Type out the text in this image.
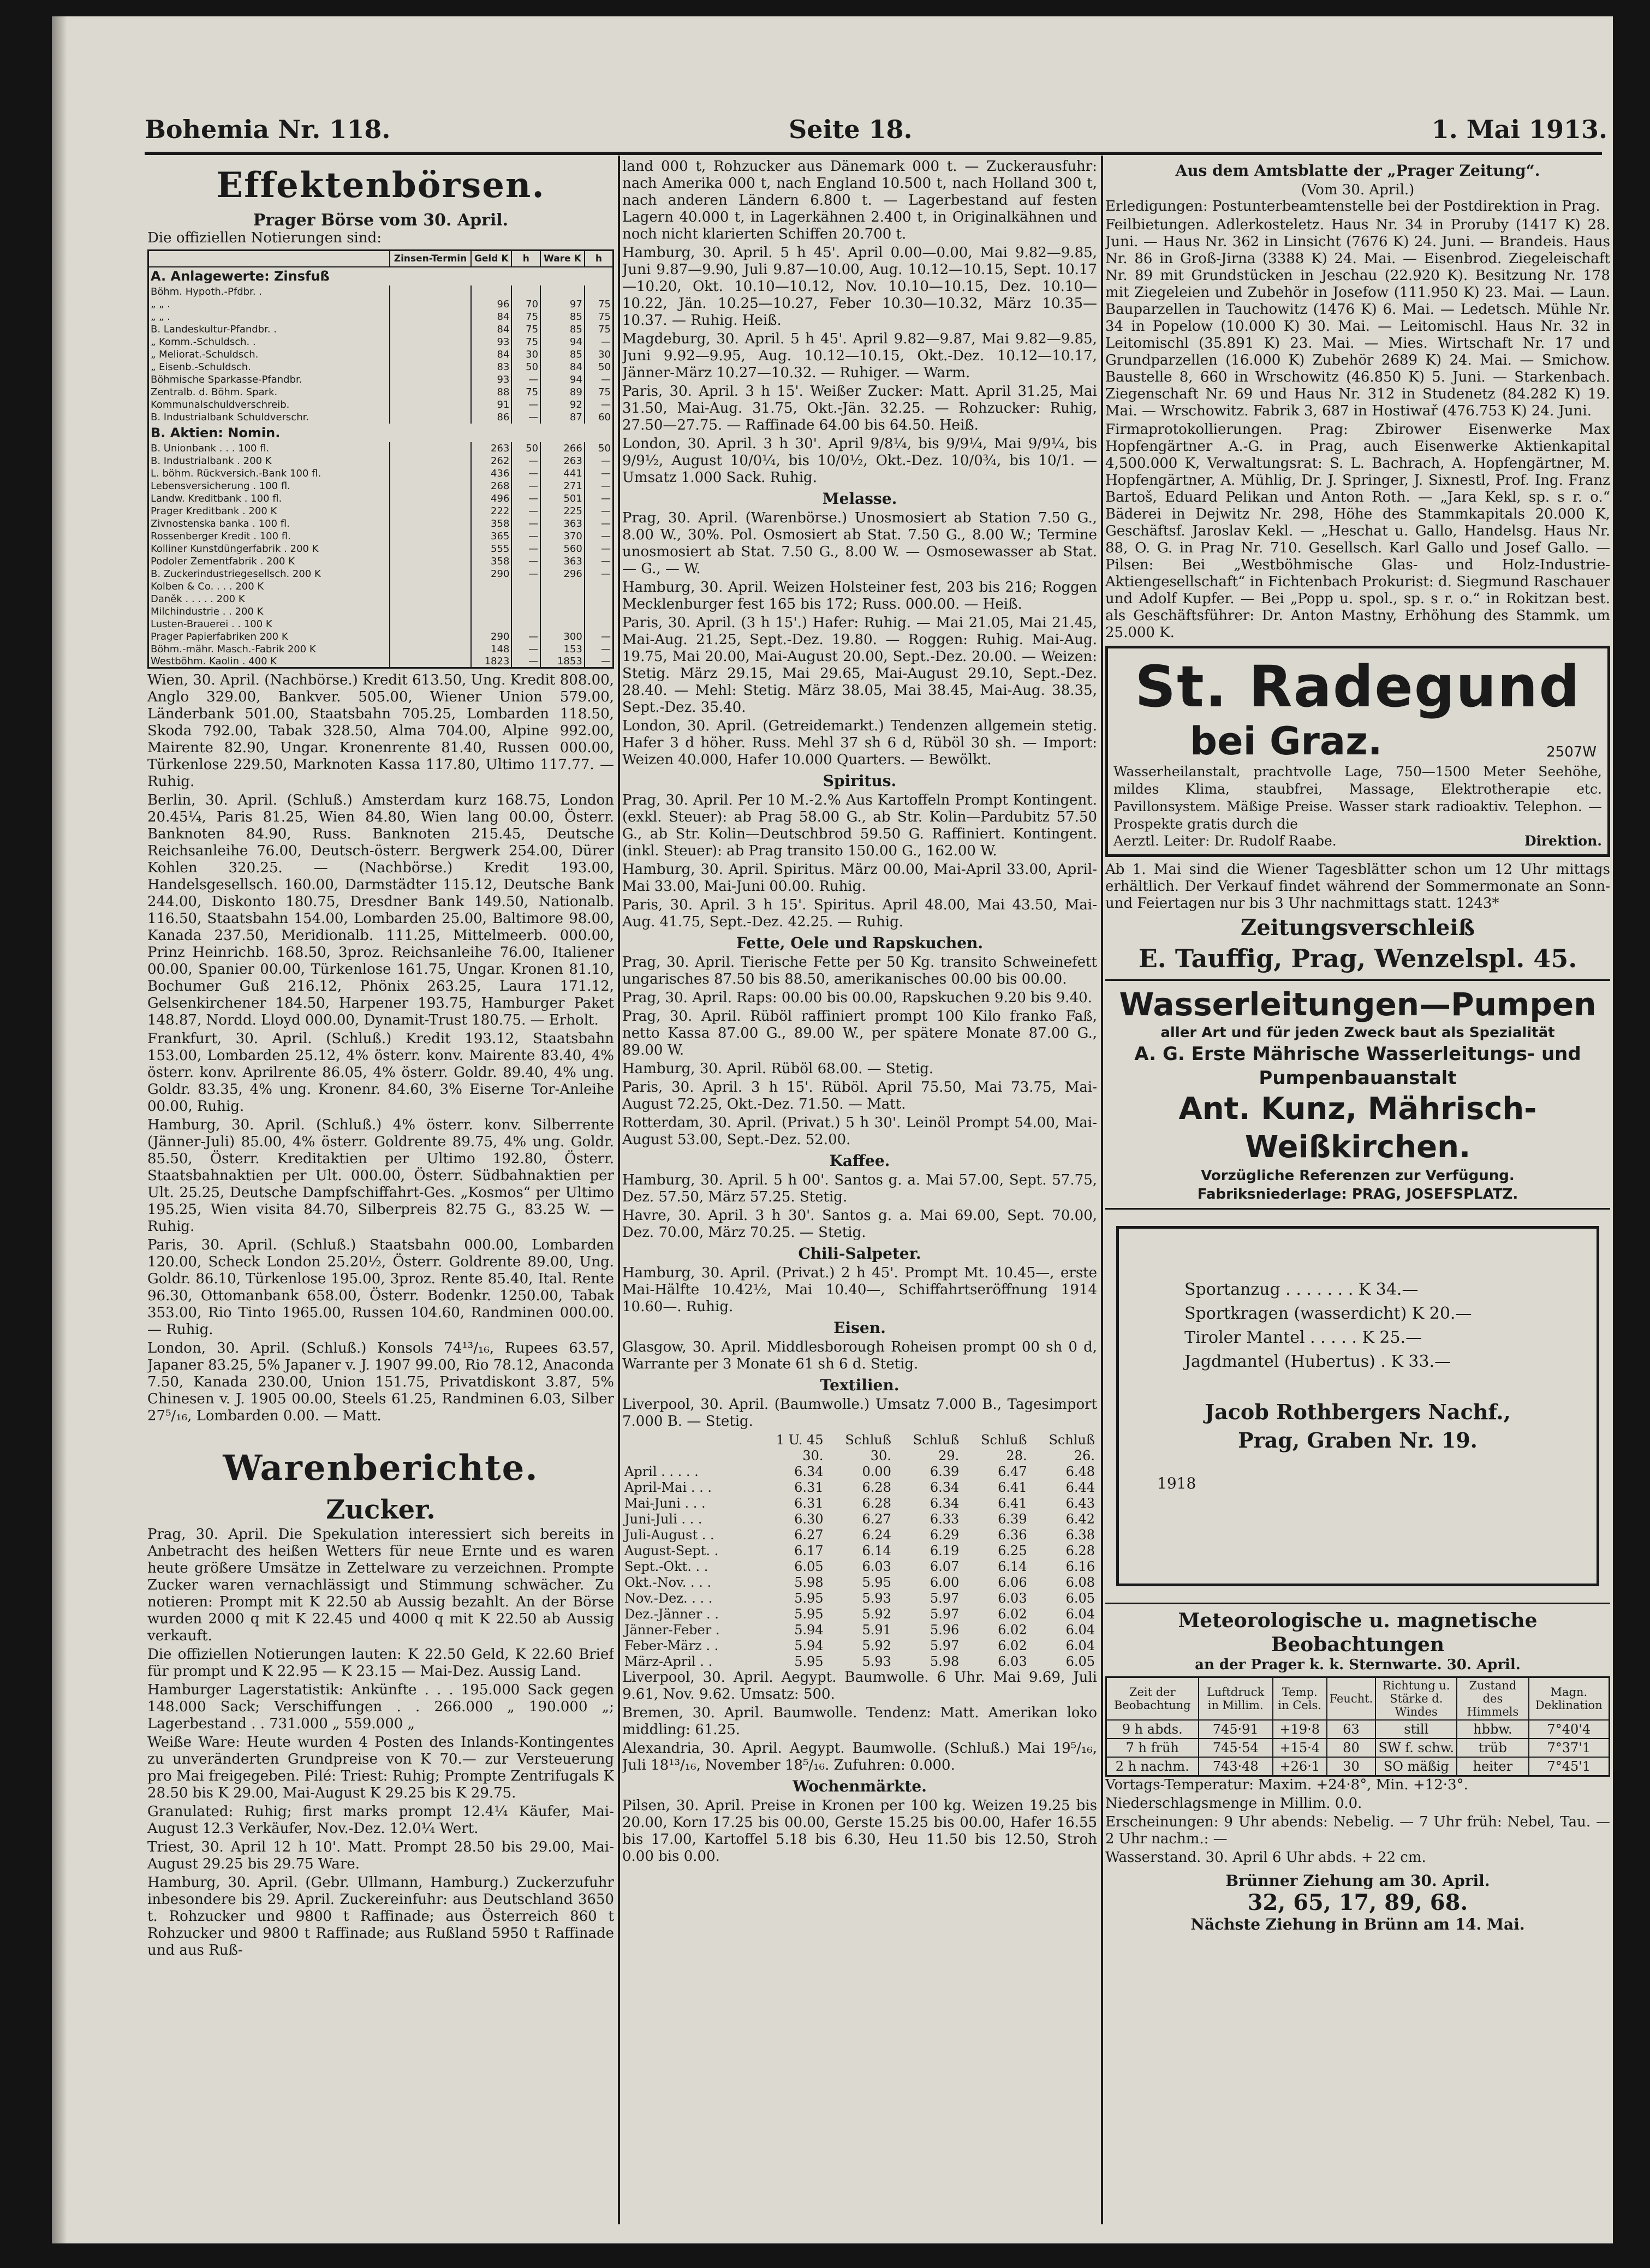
Bohemia Nr. 118.	Seite 18.	1. Mai 1913.
Effektenbörsen.
Prager Börse vom 30. April.
Die offiziellen Notierungen sind:
	Zinsen-Termin	Geld K	h	Ware K	h
A. Anlagewerte: Zinsfuß					
Böhm. Hypoth.-Pfdbr. .					
„ „ .		96	70	97	75
„ „ .		84	75	85	75
B. Landeskultur-Pfandbr. .		84	75	85	75
„ Komm.-Schuldsch. .		93	75	94	—
„ Meliorat.-Schuldsch.		84	30	85	30
„ Eisenb.-Schuldsch.		83	50	84	50
Böhmische Sparkasse-Pfandbr.		93	—	94	—
Zentralb. d. Böhm. Spark.		88	75	89	75
Kommunalschuldverschreib.		91	—	92	—
B. Industrialbank Schuldverschr.		86	—	87	60
B. Aktien: Nomin.					
B. Unionbank . . . 100 fl.		263	50	266	50
B. Industrialbank . 200 K		262	—	263	—
L. böhm. Rückversich.-Bank 100 fl.		436	—	441	—
Lebensversicherung . 100 fl.		268	—	271	—
Landw. Kreditbank . 100 fl.		496	—	501	—
Prager Kreditbank . 200 K		222	—	225	—
Zivnostenska banka . 100 fl.		358	—	363	—
Rossenberger Kredit . 100 fl.		365	—	370	—
Kolliner Kunstdüngerfabrik . 200 K		555	—	560	—
Podoler Zementfabrik . 200 K		358	—	363	—
B. Zuckerindustriegesellsch. 200 K		290	—	296	—
Kolben & Co. . . . 200 K					
Daněk . . . . . 200 K					
Milchindustrie . . 200 K					
Lusten-Brauerei . . 100 K					
Prager Papierfabriken 200 K		290	—	300	—
Böhm.-mähr. Masch.-Fabrik 200 K		148	—	153	—
Westböhm. Kaolin . 400 K		1823	—	1853	—
Wien, 30. April. (Nachbörse.) Kredit 613.50, Ung. Kredit 808.00, Anglo 329.00, Bankver. 505.00, Wiener Union 579.00, Länderbank 501.00, Staatsbahn 705.25, Lombarden 118.50, Skoda 792.00, Tabak 328.50, Alma 704.00, Alpine 992.00, Mairente 82.90, Ungar. Kronenrente 81.40, Russen 000.00, Türkenlose 229.50, Marknoten Kassa 117.80, Ultimo 117.77. — Ruhig.
Berlin, 30. April. (Schluß.) Amsterdam kurz 168.75, London 20.45¼, Paris 81.25, Wien 84.80, Wien lang 00.00, Österr. Banknoten 84.90, Russ. Banknoten 215.45, Deutsche Reichsanleihe 76.00, Deutsch-österr. Bergwerk 254.00, Dürer Kohlen 320.25. — (Nachbörse.) Kredit 193.00, Handelsgesellsch. 160.00, Darmstädter 115.12, Deutsche Bank 244.00, Diskonto 180.75, Dresdner Bank 149.50, Nationalb. 116.50, Staatsbahn 154.00, Lombarden 25.00, Baltimore 98.00, Kanada 237.50, Meridionalb. 111.25, Mittelmeerb. 000.00, Prinz Heinrichb. 168.50, 3proz. Reichsanleihe 76.00, Italiener 00.00, Spanier 00.00, Türkenlose 161.75, Ungar. Kronen 81.10, Bochumer Guß 216.12, Phönix 263.25, Laura 171.12, Gelsenkirchener 184.50, Harpener 193.75, Hamburger Paket 148.87, Nordd. Lloyd 000.00, Dynamit-Trust 180.75. — Erholt.
Frankfurt, 30. April. (Schluß.) Kredit 193.12, Staatsbahn 153.00, Lombarden 25.12, 4% österr. konv. Mairente 83.40, 4% österr. konv. Aprilrente 86.05, 4% österr. Goldr. 89.40, 4% ung. Goldr. 83.35, 4% ung. Kronenr. 84.60, 3% Eiserne Tor-Anleihe 00.00, Ruhig.
Hamburg, 30. April. (Schluß.) 4% österr. konv. Silberrente (Jänner-Juli) 85.00, 4% österr. Goldrente 89.75, 4% ung. Goldr. 85.50, Österr. Kreditaktien per Ultimo 192.80, Österr. Staatsbahnaktien per Ult. 000.00, Österr. Südbahnaktien per Ult. 25.25, Deutsche Dampfschiffahrt-Ges. „Kosmos“ per Ultimo 195.25, Wien visita 84.70, Silberpreis 82.75 G., 83.25 W. — Ruhig.
Paris, 30. April. (Schluß.) Staatsbahn 000.00, Lombarden 120.00, Scheck London 25.20½, Österr. Goldrente 89.00, Ung. Goldr. 86.10, Türkenlose 195.00, 3proz. Rente 85.40, Ital. Rente 96.30, Ottomanbank 658.00, Österr. Bodenkr. 1250.00, Tabak 353.00, Rio Tinto 1965.00, Russen 104.60, Randminen 000.00. — Ruhig.
London, 30. April. (Schluß.) Konsols 74¹³/₁₆, Rupees 63.57, Japaner 83.25, 5% Japaner v. J. 1907 99.00, Rio 78.12, Anaconda 7.50, Kanada 230.00, Union 151.75, Privatdiskont 3.87, 5% Chinesen v. J. 1905 00.00, Steels 61.25, Randminen 6.03, Silber 27⁵/₁₆, Lombarden 0.00. — Matt.
Warenberichte.
Zucker.
Prag, 30. April. Die Spekulation interessiert sich bereits in Anbetracht des heißen Wetters für neue Ernte und es waren heute größere Umsätze in Zettelware zu verzeichnen. Prompte Zucker waren vernachlässigt und Stimmung schwächer. Zu notieren: Prompt mit K 22.50 ab Aussig bezahlt. An der Börse wurden 2000 q mit K 22.45 und 4000 q mit K 22.50 ab Aussig verkauft.
Die offiziellen Notierungen lauten: K 22.50 Geld, K 22.60 Brief für prompt und K 22.95 — K 23.15 — Mai-Dez. Aussig Land.
Hamburger Lagerstatistik: Ankünfte . . . 195.000 Sack gegen 148.000 Sack; Verschiffungen . . 266.000 „ 190.000 „; Lagerbestand . . 731.000 „ 559.000 „
Weiße Ware: Heute wurden 4 Posten des Inlands-Kontingentes zu unveränderten Grundpreise von K 70.— zur Versteuerung pro Mai freigegeben. Pilé: Triest: Ruhig; Prompte Zentrifugals K 28.50 bis K 29.00, Mai-August K 29.25 bis K 29.75.
Granulated: Ruhig; first marks prompt 12.4¼ Käufer, Mai-August 12.3 Verkäufer, Nov.-Dez. 12.0¼ Wert.
Triest, 30. April 12 h 10'. Matt. Prompt 28.50 bis 29.00, Mai-August 29.25 bis 29.75 Ware.
Hamburg, 30. April. (Gebr. Ullmann, Hamburg.) Zuckerzufuhr inbesondere bis 29. April. Zuckereinfuhr: aus Deutschland 3650 t. Rohzucker und 9800 t Raffinade; aus Österreich 860 t Rohzucker und 9800 t Raffinade; aus Rußland 5950 t Raffinade und aus Ruß-
land 000 t, Rohzucker aus Dänemark 000 t. — Zuckerausfuhr: nach Amerika 000 t, nach England 10.500 t, nach Holland 300 t, nach anderen Ländern 6.800 t. — Lagerbestand auf festen Lagern 40.000 t, in Lagerkähnen 2.400 t, in Originalkähnen und noch nicht klarierten Schiffen 20.700 t.
Hamburg, 30. April. 5 h 45'. April 0.00—0.00, Mai 9.82—9.85, Juni 9.87—9.90, Juli 9.87—10.00, Aug. 10.12—10.15, Sept. 10.17—10.20, Okt. 10.10—10.12, Nov. 10.10—10.15, Dez. 10.10—10.22, Jän. 10.25—10.27, Feber 10.30—10.32, März 10.35—10.37. — Ruhig. Heiß.
Magdeburg, 30. April. 5 h 45'. April 9.82—9.87, Mai 9.82—9.85, Juni 9.92—9.95, Aug. 10.12—10.15, Okt.-Dez. 10.12—10.17, Jänner-März 10.27—10.32. — Ruhiger. — Warm.
Paris, 30. April. 3 h 15'. Weißer Zucker: Matt. April 31.25, Mai 31.50, Mai-Aug. 31.75, Okt.-Jän. 32.25. — Rohzucker: Ruhig, 27.50—27.75. — Raffinade 64.00 bis 64.50. Heiß.
London, 30. April. 3 h 30'. April 9/8¼, bis 9/9¼, Mai 9/9¼, bis 9/9½, August 10/0¼, bis 10/0½, Okt.-Dez. 10/0¾, bis 10/1. — Umsatz 1.000 Sack. Ruhig.
Melasse.
Prag, 30. April. (Warenbörse.) Unosmosiert ab Station 7.50 G., 8.00 W., 30%. Pol. Osmosiert ab Stat. 7.50 G., 8.00 W.; Termine unosmosiert ab Stat. 7.50 G., 8.00 W. — Osmosewasser ab Stat. — G., — W.
Hamburg, 30. April. Weizen Holsteiner fest, 203 bis 216; Roggen Mecklenburger fest 165 bis 172; Russ. 000.00. — Heiß.
Paris, 30. April. (3 h 15'.) Hafer: Ruhig. — Mai 21.05, Mai 21.45, Mai-Aug. 21.25, Sept.-Dez. 19.80. — Roggen: Ruhig. Mai-Aug. 19.75, Mai 20.00, Mai-August 20.00, Sept.-Dez. 20.00. — Weizen: Stetig. März 29.15, Mai 29.65, Mai-August 29.10, Sept.-Dez. 28.40. — Mehl: Stetig. März 38.05, Mai 38.45, Mai-Aug. 38.35, Sept.-Dez. 35.40.
London, 30. April. (Getreidemarkt.) Tendenzen allgemein stetig. Hafer 3 d höher. Russ. Mehl 37 sh 6 d, Rüböl 30 sh. — Import: Weizen 40.000, Hafer 10.000 Quarters. — Bewölkt.
Spiritus.
Prag, 30. April. Per 10 M.-2.% Aus Kartoffeln Prompt Kontingent. (exkl. Steuer): ab Prag 58.00 G., ab Str. Kolin—Pardubitz 57.50 G., ab Str. Kolin—Deutschbrod 59.50 G. Raffiniert. Kontingent. (inkl. Steuer): ab Prag transito 150.00 G., 162.00 W.
Hamburg, 30. April. Spiritus. März 00.00, Mai-April 33.00, April-Mai 33.00, Mai-Juni 00.00. Ruhig.
Paris, 30. April. 3 h 15'. Spiritus. April 48.00, Mai 43.50, Mai-Aug. 41.75, Sept.-Dez. 42.25. — Ruhig.
Fette, Oele und Rapskuchen.
Prag, 30. April. Tierische Fette per 50 Kg. transito Schweinefett ungarisches 87.50 bis 88.50, amerikanisches 00.00 bis 00.00.
Prag, 30. April. Raps: 00.00 bis 00.00, Rapskuchen 9.20 bis 9.40.
Prag, 30. April. Rüböl raffiniert prompt 100 Kilo franko Faß, netto Kassa 87.00 G., 89.00 W., per spätere Monate 87.00 G., 89.00 W.
Hamburg, 30. April. Rüböl 68.00. — Stetig.
Paris, 30. April. 3 h 15'. Rüböl. April 75.50, Mai 73.75, Mai-August 72.25, Okt.-Dez. 71.50. — Matt.
Rotterdam, 30. April. (Privat.) 5 h 30'. Leinöl Prompt 54.00, Mai-August 53.00, Sept.-Dez. 52.00.
Kaffee.
Hamburg, 30. April. 5 h 00'. Santos g. a. Mai 57.00, Sept. 57.75, Dez. 57.50, März 57.25. Stetig.
Havre, 30. April. 3 h 30'. Santos g. a. Mai 69.00, Sept. 70.00, Dez. 70.00, März 70.25. — Stetig.
Chili-Salpeter.
Hamburg, 30. April. (Privat.) 2 h 45'. Prompt Mt. 10.45—, erste Mai-Hälfte 10.42½, Mai 10.40—, Schiffahrtseröffnung 1914 10.60—. Ruhig.
Eisen.
Glasgow, 30. April. Middlesborough Roheisen prompt 00 sh 0 d, Warrante per 3 Monate 61 sh 6 d. Stetig.
Textilien.
Liverpool, 30. April. (Baumwolle.) Umsatz 7.000 B., Tagesimport 7.000 B. — Stetig.
	1 U. 45	Schluß	Schluß	Schluß	Schluß
	30.	30.	29.	28.	26.
April . . . . .	6.34	0.00	6.39	6.47	6.48
April-Mai . . .	6.31	6.28	6.34	6.41	6.44
Mai-Juni . . .	6.31	6.28	6.34	6.41	6.43
Juni-Juli . . .	6.30	6.27	6.33	6.39	6.42
Juli-August . .	6.27	6.24	6.29	6.36	6.38
August-Sept. .	6.17	6.14	6.19	6.25	6.28
Sept.-Okt. . .	6.05	6.03	6.07	6.14	6.16
Okt.-Nov. . . .	5.98	5.95	6.00	6.06	6.08
Nov.-Dez. . . .	5.95	5.93	5.97	6.03	6.05
Dez.-Jänner . .	5.95	5.92	5.97	6.02	6.04
Jänner-Feber .	5.94	5.91	5.96	6.02	6.04
Feber-März . .	5.94	5.92	5.97	6.02	6.04
März-April . .	5.95	5.93	5.98	6.03	6.05
Liverpool, 30. April. Aegypt. Baumwolle. 6 Uhr. Mai 9.69, Juli 9.61, Nov. 9.62. Umsatz: 500.
Bremen, 30. April. Baumwolle. Tendenz: Matt. Amerikan loko middling: 61.25.
Alexandria, 30. April. Aegypt. Baumwolle. (Schluß.) Mai 19⁵/₁₆, Juli 18¹³/₁₆, November 18⁵/₁₆. Zufuhren: 0.000.
Wochenmärkte.
Pilsen, 30. April. Preise in Kronen per 100 kg. Weizen 19.25 bis 20.00, Korn 17.25 bis 00.00, Gerste 15.25 bis 00.00, Hafer 16.55 bis 17.00, Kartoffel 5.18 bis 6.30, Heu 11.50 bis 12.50, Stroh 0.00 bis 0.00.
Aus dem Amtsblatte der „Prager Zeitung“.
(Vom 30. April.)
Erledigungen: Postunterbeamtenstelle bei der Postdirektion in Prag.
Feilbietungen. Adlerkosteletz. Haus Nr. 34 in Proruby (1417 K) 28. Juni. — Haus Nr. 362 in Linsicht (7676 K) 24. Juni. — Brandeis. Haus Nr. 86 in Groß-Jirna (3388 K) 24. Mai. — Eisenbrod. Ziegeleischaft Nr. 89 mit Grundstücken in Jeschau (22.920 K). Besitzung Nr. 178 mit Ziegeleien und Zubehör in Josefow (111.950 K) 23. Mai. — Laun. Bauparzellen in Tauchowitz (1476 K) 6. Mai. — Ledetsch. Mühle Nr. 34 in Popelow (10.000 K) 30. Mai. — Leitomischl. Haus Nr. 32 in Leitomischl (35.891 K) 23. Mai. — Mies. Wirtschaft Nr. 17 und Grundparzellen (16.000 K) Zubehör 2689 K) 24. Mai. — Smichow. Baustelle 8, 660 in Wrschowitz (46.850 K) 5. Juni. — Starkenbach. Ziegenschaft Nr. 69 und Haus Nr. 312 in Studenetz (84.282 K) 19. Mai. — Wrschowitz. Fabrik 3, 687 in Hostiwař (476.753 K) 24. Juni.
Firmaprotokollierungen. Prag: Zbirower Eisenwerke Max Hopfengärtner A.-G. in Prag, auch Eisenwerke Aktienkapital 4,500.000 K, Verwaltungsrat: S. L. Bachrach, A. Hopfengärtner, M. Hopfengärtner, A. Mühlig, Dr. J. Springer, J. Sixnestl, Prof. Ing. Franz Bartoš, Eduard Pelikan und Anton Roth. — „Jara Kekl, sp. s r. o.“ Bäderei in Dejwitz Nr. 298, Höhe des Stammkapitals 20.000 K, Geschäftsf. Jaroslav Kekl. — „Heschat u. Gallo, Handelsg. Haus Nr. 88, O. G. in Prag Nr. 710. Gesellsch. Karl Gallo und Josef Gallo. — Pilsen: Bei „Westböhmische Glas- und Holz-Industrie-Aktiengesellschaft“ in Fichtenbach Prokurist: d. Siegmund Raschauer und Adolf Kupfer. — Bei „Popp u. spol., sp. s r. o.“ in Rokitzan best. als Geschäftsführer: Dr. Anton Mastny, Erhöhung des Stammk. um 25.000 K.
St. Radegund
bei Graz.	2507W
Wasserheilanstalt, prachtvolle Lage, 750—1500 Meter Seehöhe, mildes Klima, staubfrei, Massage, Elektrotherapie etc. Pavillonsystem. Mäßige Preise. Wasser stark radioaktiv. Telephon. — Prospekte gratis durch die
Aerztl. Leiter: Dr. Rudolf Raabe.	Direktion.
Ab 1. Mai sind die Wiener Tagesblätter schon um 12 Uhr mittags erhältlich. Der Verkauf findet während der Sommermonate an Sonn- und Feiertagen nur bis 3 Uhr nachmittags statt. 1243*
Zeitungsverschleiß
E. Tauffig, Prag, Wenzelspl. 45.
Wasserleitungen—Pumpen
aller Art und für jeden Zweck baut als Spezialität
A. G. Erste Mährische Wasserleitungs- und
Pumpenbauanstalt
Ant. Kunz, Mährisch-Weißkirchen.
Vorzügliche Referenzen zur Verfügung.
Fabriksniederlage: PRAG, JOSEFSPLATZ.
Sportanzug . . . . . . . K 34.—
Sportkragen (wasserdicht) K 20.—
Tiroler Mantel . . . . . K 25.—
Jagdmantel (Hubertus) . K 33.—
Jacob Rothbergers Nachf.,
Prag, Graben Nr. 19.
1918
Meteorologische u. magnetische Beobachtungen
an der Prager k. k. Sternwarte. 30. April.
Zeit der Beobachtung	Luftdruck in Millim.	Temp. in Cels.	Feucht.	Richtung u. Stärke d. Windes	Zustand des Himmels	Magn. Deklination
9 h abds.	745·91	+19·8	63	still	hbbw.	7°40'4
7 h früh	745·54	+15·4	80	SW f. schw.	trüb	7°37'1
2 h nachm.	743·48	+26·1	30	SO mäßig	heiter	7°45'1
Vortags-Temperatur: Maxim. +24·8°, Min. +12·3°.
Niederschlagsmenge in Millim. 0.0.
Erscheinungen: 9 Uhr abends: Nebelig. — 7 Uhr früh: Nebel, Tau. — 2 Uhr nachm.: —
Wasserstand. 30. April 6 Uhr abds. + 22 cm.
Brünner Ziehung am 30. April.
32, 65, 17, 89, 68.
Nächste Ziehung in Brünn am 14. Mai.
